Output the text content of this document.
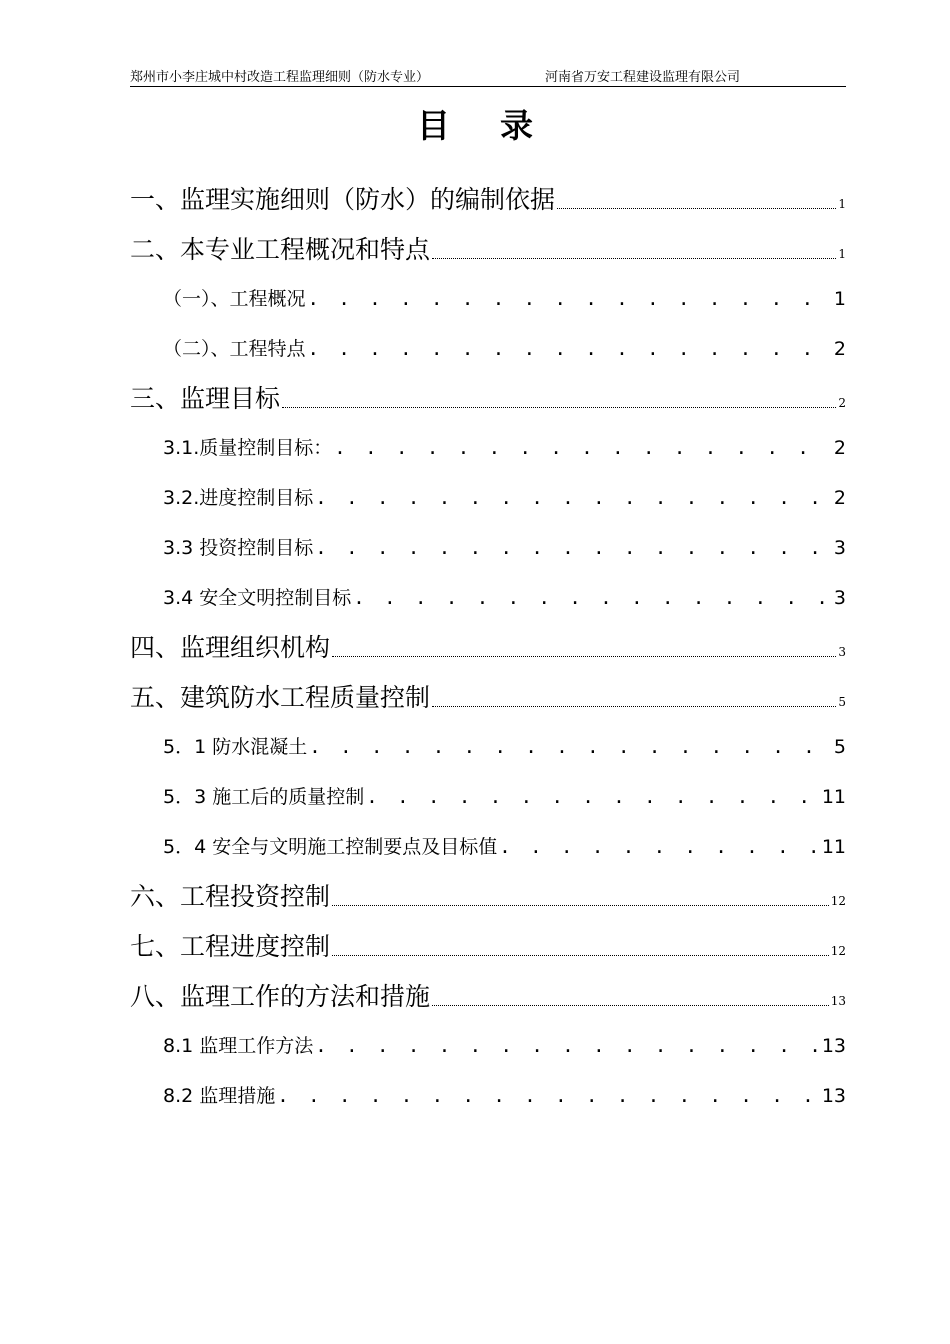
郑州市小李庄城中村改造工程监理细则（防水专业）	河南省万安工程建设监理有限公司
目录
一、监理实施细则（防水）的编制依据	1
二、本专业工程概况和特点	1
（一）、工程概况 . . .	1
（二）、工程特点 . . .	2
三、监理目标	2
3.1.质量控制目标： . . .	2
3.2.进度控制目标 . . .	2
3.3 投资控制目标 . . .	3
3.4 安全文明控制目标 . . .	3
四、监理组织机构	3
五、建筑防水工程质量控制	5
5．1 防水混凝土 . . .	5
5．3 施工后的质量控制 . . .	11
5．4 安全与文明施工控制要点及目标值 . . .	11
六、工程投资控制	12
七、工程进度控制	12
八、监理工作的方法和措施	13
8.1 监理工作方法 . . .	13
8.2 监理措施 . . .	13
